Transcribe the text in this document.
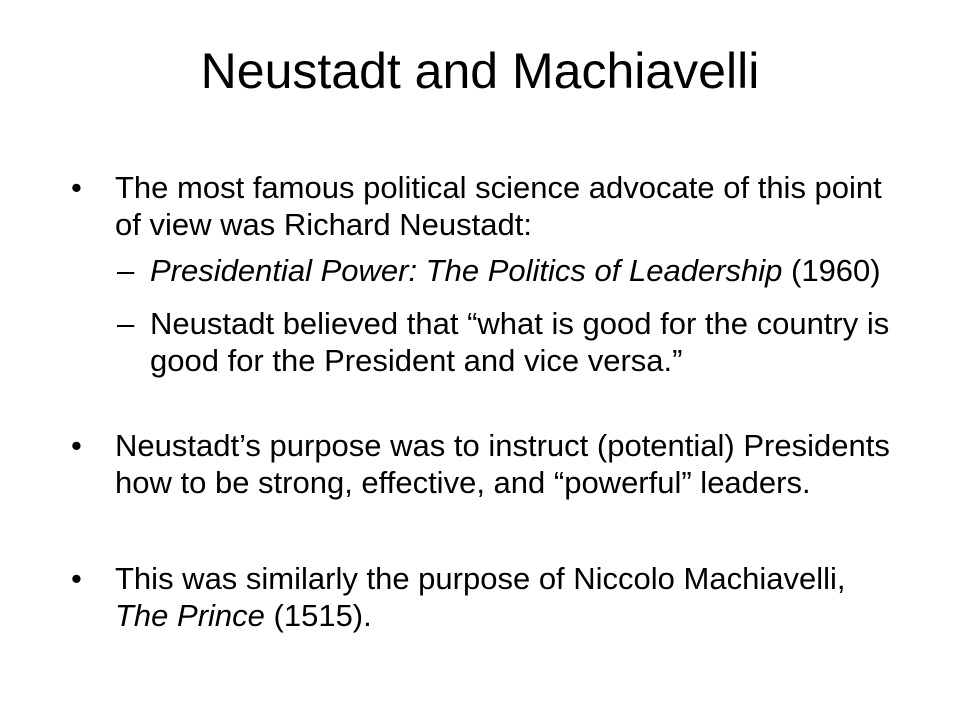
Neustadt and Machiavelli
• The most famous political science advocate of this point
of view was Richard Neustadt:
– Presidential Power: The Politics of Leadership (1960)
– Neustadt believed that “what is good for the country is
good for the President and vice versa.”
• Neustadt’s purpose was to instruct (potential) Presidents
how to be strong, effective, and “powerful” leaders.
• This was similarly the purpose of Niccolo Machiavelli,
The Prince (1515).
